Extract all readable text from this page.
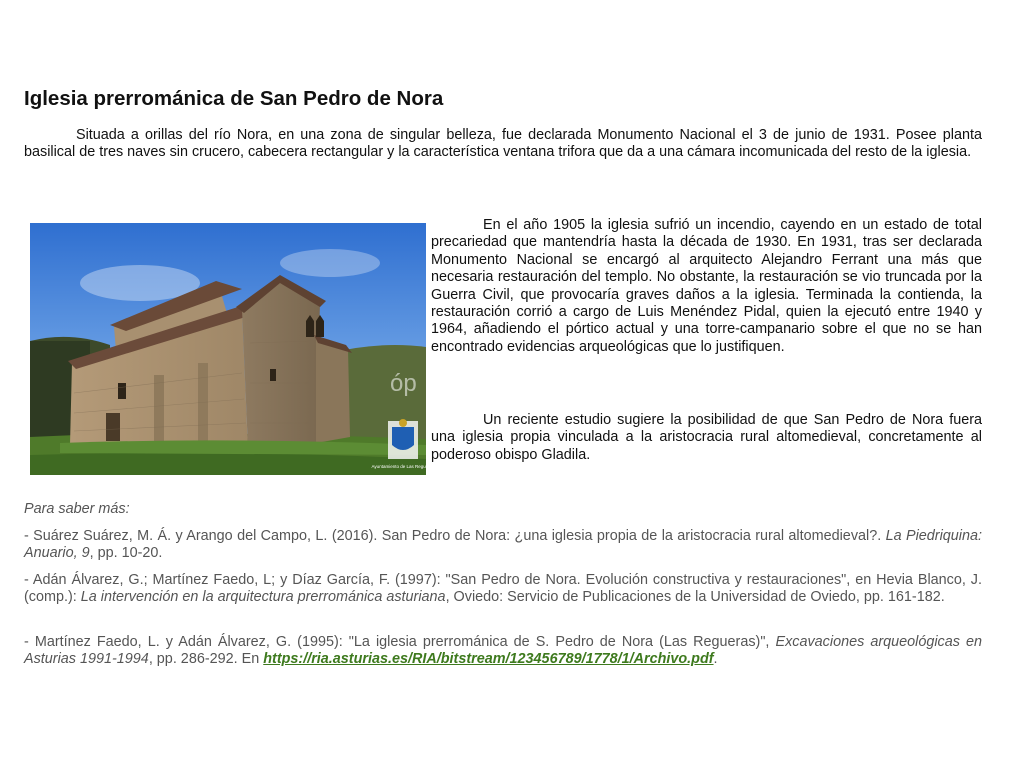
Iglesia prerrománica de San Pedro de Nora

Situada a orillas del río Nora, en una zona de singular belleza, fue declarada Monumento Nacional el 3 de junio de 1931. Posee planta basilical de tres naves sin crucero, cabecera rectangular y la característica ventana trifora que da a una cámara incomunicada del resto de la iglesia.

óp
Ayuntamiento de Las Regueras

En el año 1905 la iglesia sufrió un incendio, cayendo en un estado de total precariedad que mantendría hasta la década de 1930. En 1931, tras ser declarada Monumento Nacional se encargó al arquitecto Alejandro Ferrant una más que necesaria restauración del templo. No obstante, la restauración se vio truncada por la Guerra Civil, que provocaría graves daños a la iglesia. Terminada la contienda, la restauración corrió a cargo de Luis Menéndez Pidal, quien la ejecutó entre 1940 y 1964, añadiendo el pórtico actual y una torre-campanario sobre el que no se han encontrado evidencias arqueológicas que lo justifiquen.

Un reciente estudio sugiere la posibilidad de que San Pedro de Nora fuera una iglesia propia vinculada a la aristocracia rural altomedieval, concretamente al poderoso obispo Gladila.

Para saber más:

- Suárez Suárez, M. Á. y Arango del Campo, L. (2016). San Pedro de Nora: ¿una iglesia propia de la aristocracia rural altomedieval?. La Piedriquina: Anuario, 9, pp. 10-20.

- Adán Álvarez, G.; Martínez Faedo, L; y Díaz García, F. (1997): "San Pedro de Nora. Evolución constructiva y restauraciones", en Hevia Blanco, J. (comp.): La intervención en la arquitectura prerrománica asturiana, Oviedo: Servicio de Publicaciones de la Universidad de Oviedo, pp. 161-182.

- Martínez Faedo, L. y Adán Álvarez, G. (1995): "La iglesia prerrománica de S. Pedro de Nora (Las Regueras)", Excavaciones arqueológicas en Asturias 1991-1994, pp. 286-292. En https://ria.asturias.es/RIA/bitstream/123456789/1778/1/Archivo.pdf.
